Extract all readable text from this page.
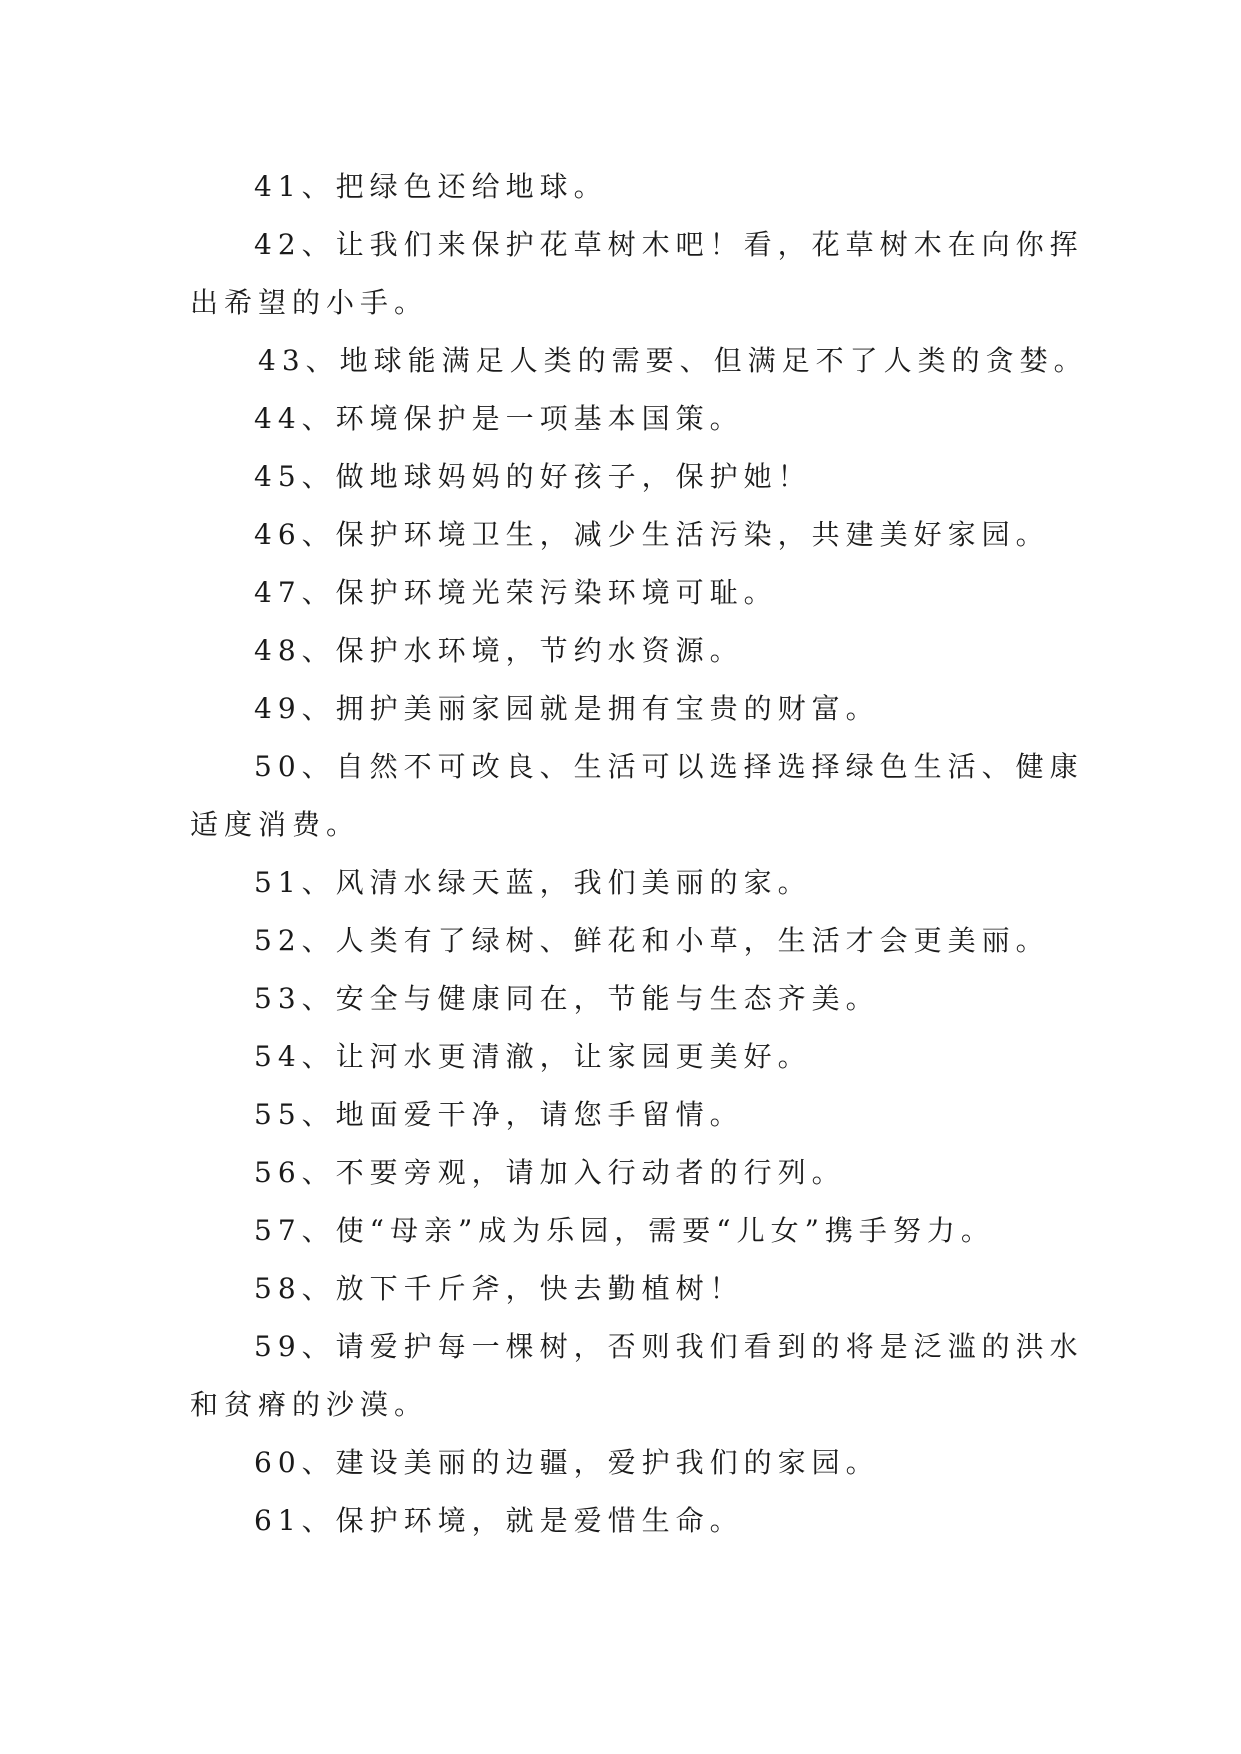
41、把绿色还给地球。
42、让我们来保护花草树木吧！看，花草树木在向你挥
出希望的小手。
43、地球能满足人类的需要、但满足不了人类的贪婪。
44、环境保护是一项基本国策。
45、做地球妈妈的好孩子，保护她！
46、保护环境卫生，减少生活污染，共建美好家园。
47、保护环境光荣污染环境可耻。
48、保护水环境，节约水资源。
49、拥护美丽家园就是拥有宝贵的财富。
50、自然不可改良、生活可以选择选择绿色生活、健康
适度消费。
51、风清水绿天蓝，我们美丽的家。
52、人类有了绿树、鲜花和小草，生活才会更美丽。
53、安全与健康同在，节能与生态齐美。
54、让河水更清澈，让家园更美好。
55、地面爱干净，请您手留情。
56、不要旁观，请加入行动者的行列。
57、使“母亲”成为乐园，需要“儿女”携手努力。
58、放下千斤斧，快去勤植树！
59、请爱护每一棵树，否则我们看到的将是泛滥的洪水
和贫瘠的沙漠。
60、建设美丽的边疆，爱护我们的家园。
61、保护环境，就是爱惜生命。
